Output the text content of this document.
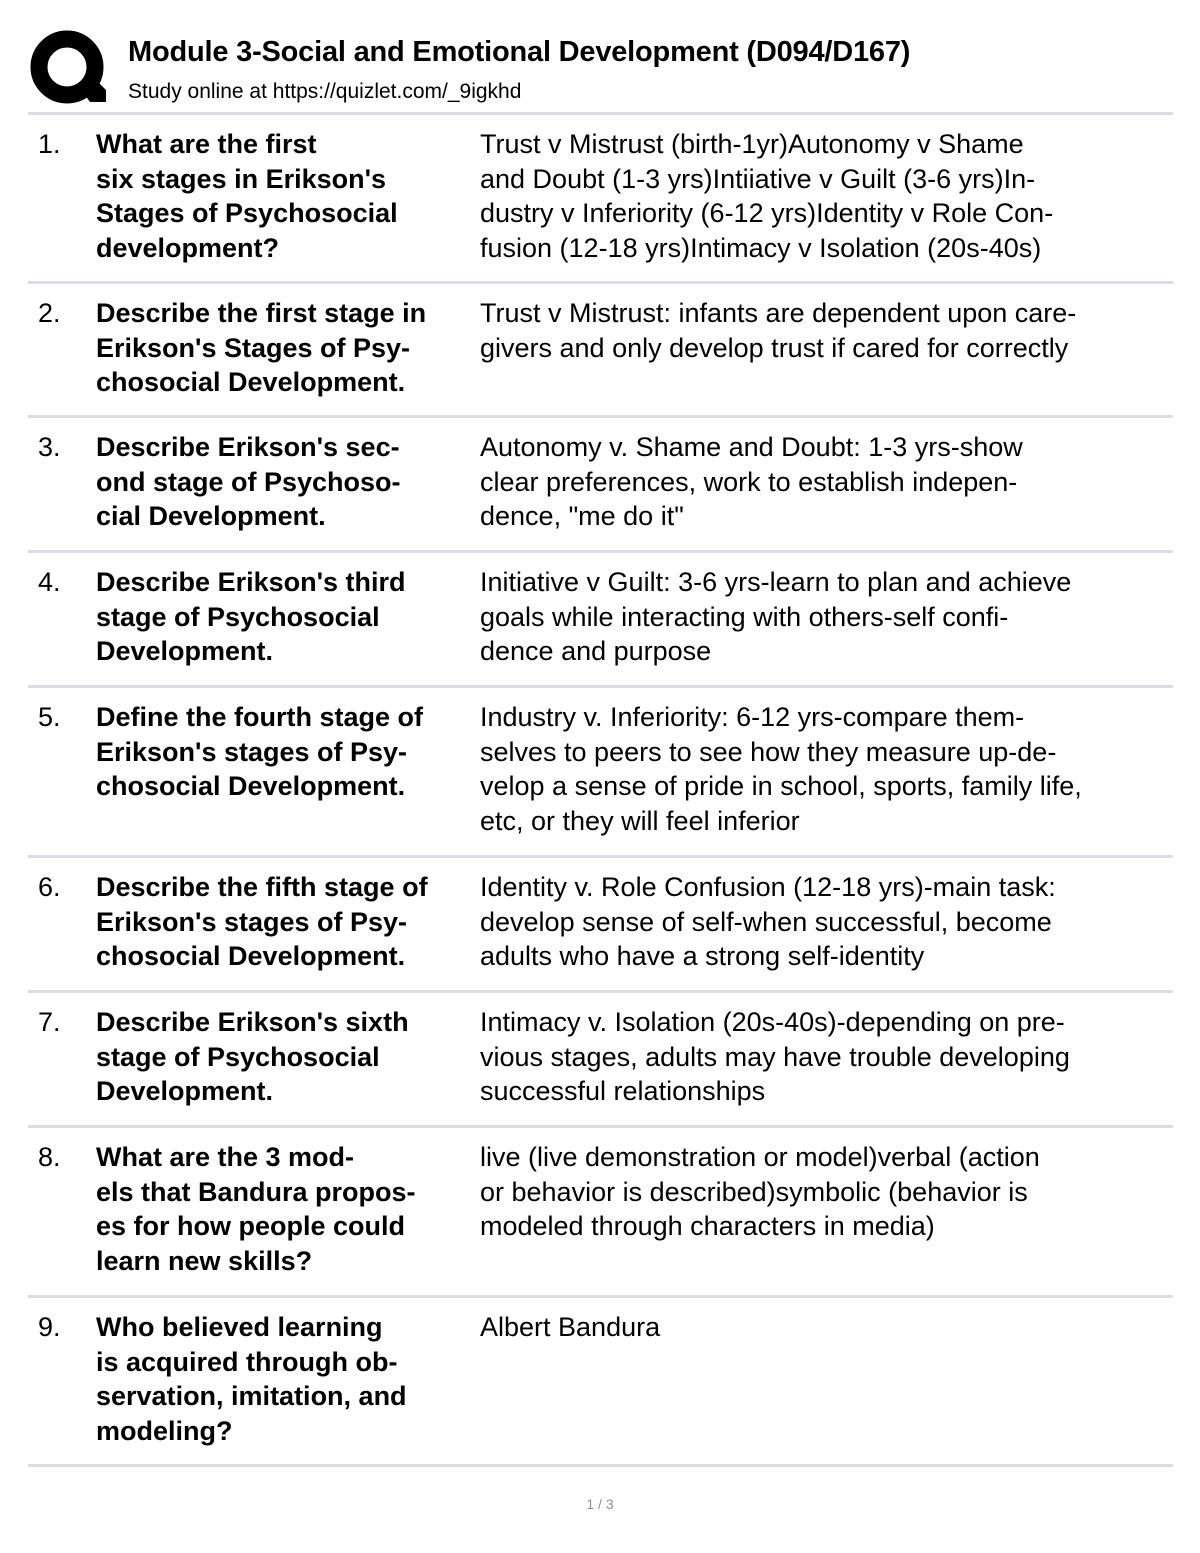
Module 3-Social and Emotional Development (D094/D167)
Study online at https://quizlet.com/_9igkhd
1. What are the first
six stages in Erikson's
Stages of Psychosocial
development?
Trust v Mistrust (birth-1yr)Autonomy v Shame
and Doubt (1-3 yrs)Intiiative v Guilt (3-6 yrs)In-
dustry v Inferiority (6-12 yrs)Identity v Role Con-
fusion (12-18 yrs)Intimacy v Isolation (20s-40s)
2. Describe the first stage in
Erikson's Stages of Psy-
chosocial Development.
Trust v Mistrust: infants are dependent upon care-
givers and only develop trust if cared for correctly
3. Describe Erikson's sec-
ond stage of Psychoso-
cial Development.
Autonomy v. Shame and Doubt: 1-3 yrs-show
clear preferences, work to establish indepen-
dence, "me do it"
4. Describe Erikson's third
stage of Psychosocial
Development.
Initiative v Guilt: 3-6 yrs-learn to plan and achieve
goals while interacting with others-self confi-
dence and purpose
5. Define the fourth stage of
Erikson's stages of Psy-
chosocial Development.
Industry v. Inferiority: 6-12 yrs-compare them-
selves to peers to see how they measure up-de-
velop a sense of pride in school, sports, family life,
etc, or they will feel inferior
6. Describe the fifth stage of
Erikson's stages of Psy-
chosocial Development.
Identity v. Role Confusion (12-18 yrs)-main task:
develop sense of self-when successful, become
adults who have a strong self-identity
7. Describe Erikson's sixth
stage of Psychosocial
Development.
Intimacy v. Isolation (20s-40s)-depending on pre-
vious stages, adults may have trouble developing
successful relationships
8. What are the 3 mod-
els that Bandura propos-
es for how people could
learn new skills?
live (live demonstration or model)verbal (action
or behavior is described)symbolic (behavior is
modeled through characters in media)
9. Who believed learning
is acquired through ob-
servation, imitation, and
modeling?
Albert Bandura
1 / 3
